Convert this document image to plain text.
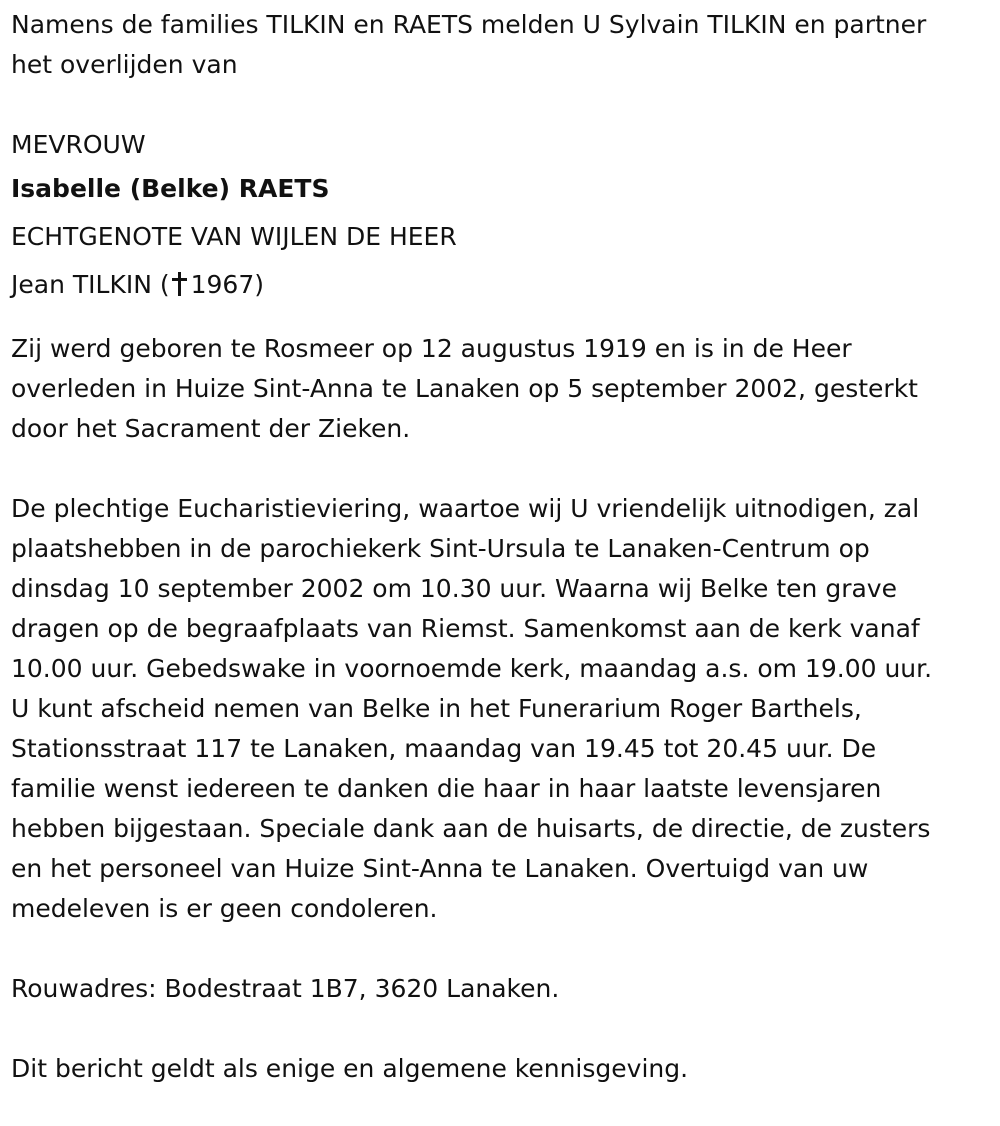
Namens de families TILKIN en RAETS melden U Sylvain TILKIN en partner
het overlijden van
MEVROUW
Isabelle (Belke) RAETS
ECHTGENOTE VAN WIJLEN DE HEER
Jean TILKIN ( 1967)
Zij werd geboren te Rosmeer op 12 augustus 1919 en is in de Heer
overleden in Huize Sint-Anna te Lanaken op 5 september 2002, gesterkt
door het Sacrament der Zieken.
De plechtige Eucharistieviering, waartoe wij U vriendelijk uitnodigen, zal
plaatshebben in de parochiekerk Sint-Ursula te Lanaken-Centrum op
dinsdag 10 september 2002 om 10.30 uur. Waarna wij Belke ten grave
dragen op de begraafplaats van Riemst. Samenkomst aan de kerk vanaf
10.00 uur. Gebedswake in voornoemde kerk, maandag a.s. om 19.00 uur.
U kunt afscheid nemen van Belke in het Funerarium Roger Barthels,
Stationsstraat 117 te Lanaken, maandag van 19.45 tot 20.45 uur. De
familie wenst iedereen te danken die haar in haar laatste levensjaren
hebben bijgestaan. Speciale dank aan de huisarts, de directie, de zusters
en het personeel van Huize Sint-Anna te Lanaken. Overtuigd van uw
medeleven is er geen condoleren.
Rouwadres: Bodestraat 1B7, 3620 Lanaken.
Dit bericht geldt als enige en algemene kennisgeving.
